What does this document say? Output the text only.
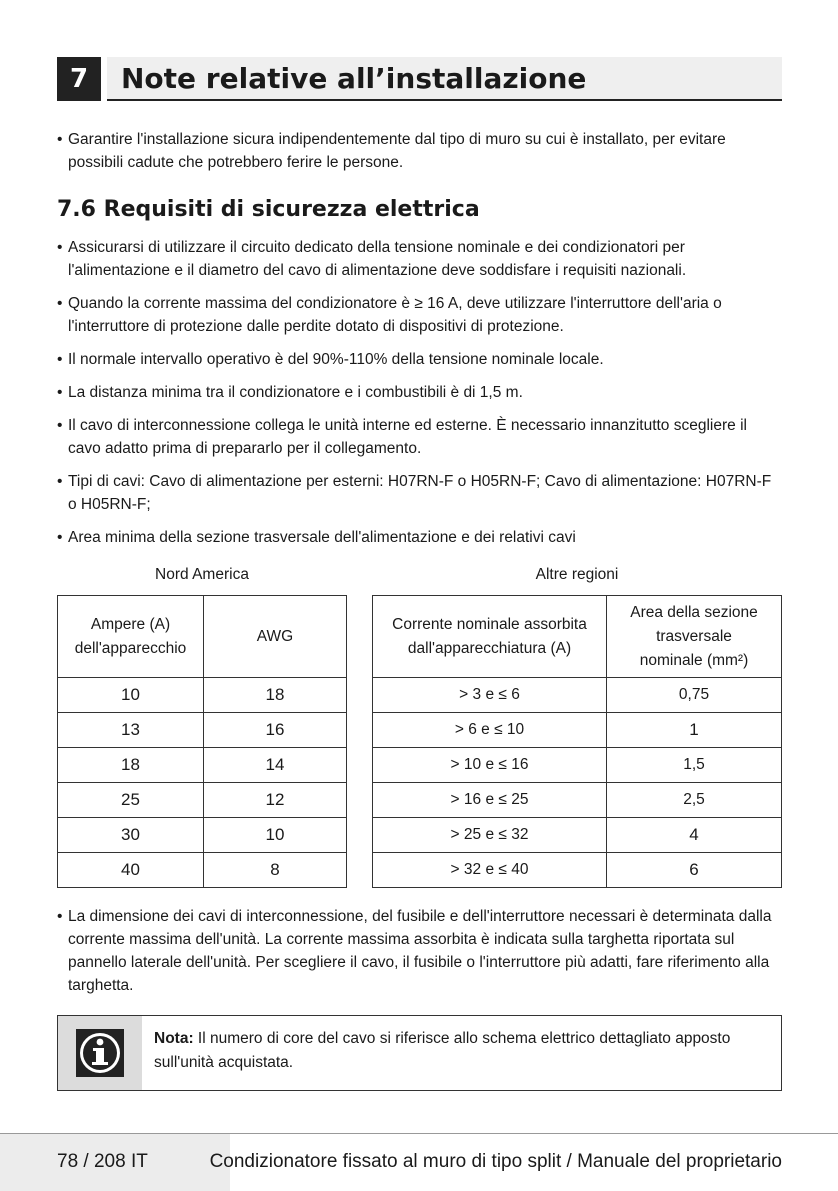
7	Note relative all’installazione
• Garantire l'installazione sicura indipendentemente dal tipo di muro su cui è installato, per evitare possibili cadute che potrebbero ferire le persone.
7.6 Requisiti di sicurezza elettrica
• Assicurarsi di utilizzare il circuito dedicato della tensione nominale e dei condizionatori per l'alimentazione e il diametro del cavo di alimentazione deve soddisfare i requisiti nazionali.
• Quando la corrente massima del condizionatore è ≥ 16 A, deve utilizzare l'interruttore dell'aria o l'interruttore di protezione dalle perdite dotato di dispositivi di protezione.
• Il normale intervallo operativo è del 90%-110% della tensione nominale locale.
• La distanza minima tra il condizionatore e i combustibili è di 1,5 m.
• Il cavo di interconnessione collega le unità interne ed esterne. È necessario innanzitutto scegliere il cavo adatto prima di prepararlo per il collegamento.
• Tipi di cavi: Cavo di alimentazione per esterni: H07RN-F o H05RN-F; Cavo di alimentazione: H07RN-F o H05RN-F;
• Area minima della sezione trasversale dell'alimentazione e dei relativi cavi
Nord America	Altre regioni
Ampere (A) dell'apparecchio	AWG
10	18
13	16
18	14
25	12
30	10
40	8
Corrente nominale assorbita dall'apparecchiatura (A)	Area della sezione trasversale nominale (mm²)
> 3 e ≤ 6	0,75
> 6 e ≤ 10	1
> 10 e ≤ 16	1,5
> 16 e ≤ 25	2,5
> 25 e ≤ 32	4
> 32 e ≤ 40	6
• La dimensione dei cavi di interconnessione, del fusibile e dell'interruttore necessari è determinata dalla corrente massima dell'unità. La corrente massima assorbita è indicata sulla targhetta riportata sul pannello laterale dell'unità. Per scegliere il cavo, il fusibile o l'interruttore più adatti, fare riferimento alla targhetta.
Nota: Il numero di core del cavo si riferisce allo schema elettrico dettagliato apposto sull'unità acquistata.
78 / 208 IT	Condizionatore fissato al muro di tipo split / Manuale del proprietario
